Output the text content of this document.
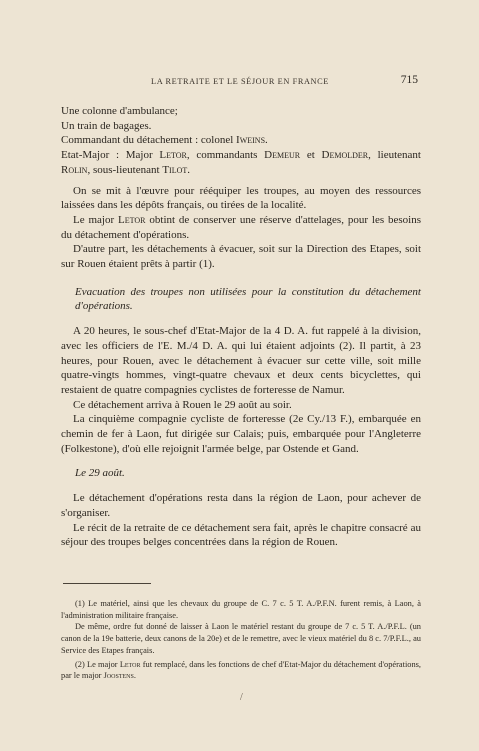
LA RETRAITE ET LE SÉJOUR EN FRANCE	715

Une colonne d'ambulance;

Un train de bagages.

Commandant du détachement : colonel Iweins.

Etat-Major : Major Letor, commandants Demeur et Demolder, lieutenant Rolin, sous-lieutenant Tilot.

On se mit à l'œuvre pour rééquiper les troupes, au moyen des ressources laissées dans les dépôts français, ou tirées de la localité.

Le major Letor obtint de conserver une réserve d'attelages, pour les besoins du détachement d'opérations.

D'autre part, les détachements à évacuer, soit sur la Direction des Etapes, soit sur Rouen étaient prêts à partir (1).

Evacuation des troupes non utilisées pour la constitution du détachement d'opérations.

A 20 heures, le sous-chef d'Etat-Major de la 4 D. A. fut rappelé à la division, avec les officiers de l'E. M./4 D. A. qui lui étaient adjoints (2). Il partit, à 23 heures, pour Rouen, avec le détachement à évacuer sur cette ville, soit mille quatre-vingts hommes, vingt-quatre chevaux et deux cents bicyclettes, qui restaient de quatre compagnies cyclistes de forteresse de Namur.

Ce détachement arriva à Rouen le 29 août au soir.

La cinquième compagnie cycliste de forteresse (2e Cy./13 F.), embarquée en chemin de fer à Laon, fut dirigée sur Calais; puis, embarquée pour l'Angleterre (Folkestone), d'où elle rejoignit l'armée belge, par Ostende et Gand.

Le 29 août.

Le détachement d'opérations resta dans la région de Laon, pour achever de s'organiser.

Le récit de la retraite de ce détachement sera fait, après le chapitre consacré au séjour des troupes belges concentrées dans la région de Rouen.

(1) Le matériel, ainsi que les chevaux du groupe de C. 7 c. 5 T. A./P.F.N. furent remis, à Laon, à l'administration militaire française.

De même, ordre fut donné de laisser à Laon le matériel restant du groupe de 7 c. 5 T. A./P.F.L. (un canon de la 19e batterie, deux canons de la 20e) et de le remettre, avec le vieux matériel du 8 c. 7/P.F.L., au Service des Etapes français.

(2) Le major Letor fut remplacé, dans les fonctions de chef d'Etat-Major du détachement d'opérations, par le major Joostens.

/
